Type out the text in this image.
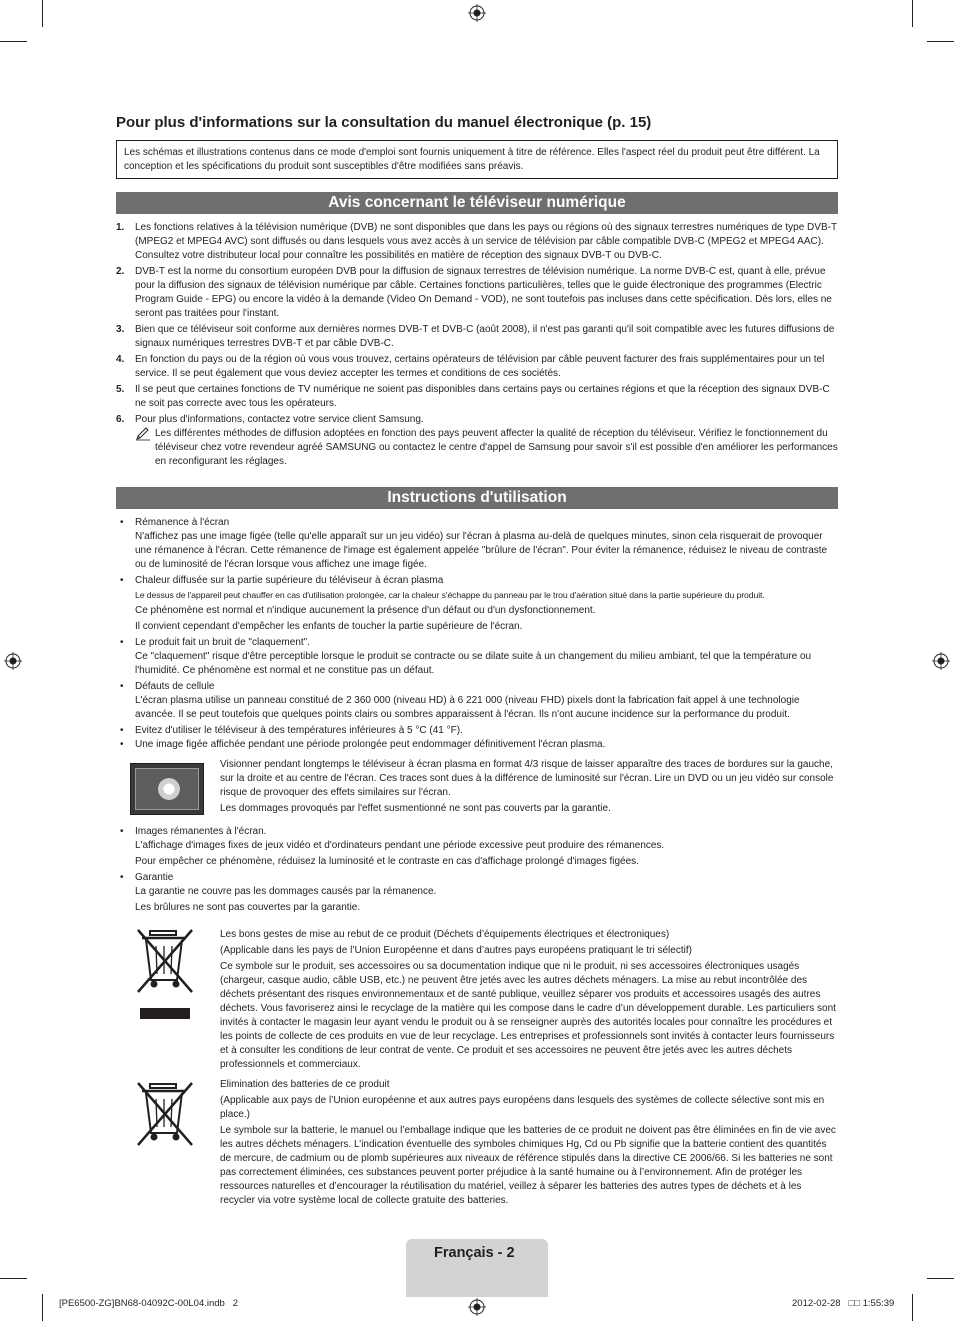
Pour plus d'informations sur la consultation du manuel électronique (p. 15)
Les schémas et illustrations contenus dans ce mode d'emploi sont fournis uniquement à titre de référence. Elles l'aspect réel du produit peut être différent. La conception et les spécifications du produit sont susceptibles d'être modifiées sans préavis.
Avis concernant le téléviseur numérique
1. Les fonctions relatives à la télévision numérique (DVB) ne sont disponibles que dans les pays ou régions où des signaux terrestres numériques de type DVB-T (MPEG2 et MPEG4 AVC) sont diffusés ou dans lesquels vous avez accès à un service de télévision par câble compatible DVB-C (MPEG2 et MPEG4 AAC). Consultez votre distributeur local pour connaître les possibilités en matière de réception des signaux DVB-T ou DVB-C.
2. DVB-T est la norme du consortium européen DVB pour la diffusion de signaux terrestres de télévision numérique. La norme DVB-C est, quant à elle, prévue pour la diffusion des signaux de télévision numérique par câble. Certaines fonctions particulières, telles que le guide électronique des programmes (Electric Program Guide - EPG) ou encore la vidéo à la demande (Video On Demand - VOD), ne sont toutefois pas incluses dans cette spécification. Dès lors, elles ne seront pas traitées pour l'instant.
3. Bien que ce téléviseur soit conforme aux dernières normes DVB-T et DVB-C (août 2008), il n'est pas garanti qu'il soit compatible avec les futures diffusions de signaux numériques terrestres DVB-T et par câble DVB-C.
4. En fonction du pays ou de la région où vous vous trouvez, certains opérateurs de télévision par câble peuvent facturer des frais supplémentaires pour un tel service. Il se peut également que vous deviez accepter les termes et conditions de ces sociétés.
5. Il se peut que certaines fonctions de TV numérique ne soient pas disponibles dans certains pays ou certaines régions et que la réception des signaux DVB-C ne soit pas correcte avec tous les opérateurs.
6. Pour plus d'informations, contactez votre service client Samsung.
Les différentes méthodes de diffusion adoptées en fonction des pays peuvent affecter la qualité de réception du téléviseur. Vérifiez le fonctionnement du téléviseur chez votre revendeur agréé SAMSUNG ou contactez le centre d'appel de Samsung pour savoir s'il est possible d'en améliorer les performances en reconfigurant les réglages.
Instructions d'utilisation
• Rémanence à l'écran
N'affichez pas une image figée (telle qu'elle apparaît sur un jeu vidéo) sur l'écran à plasma au-delà de quelques minutes, sinon cela risquerait de provoquer une rémanence à l'écran. Cette rémanence de l'image est également appelée "brûlure de l'écran". Pour éviter la rémanence, réduisez le niveau de contraste ou de luminosité de l'écran lorsque vous affichez une image figée.
• Chaleur diffusée sur la partie supérieure du téléviseur à écran plasma
Le dessus de l'appareil peut chauffer en cas d'utilisation prolongée, car la chaleur s'échappe du panneau par le trou d'aération situé dans la partie supérieure du produit.
Ce phénomène est normal et n'indique aucunement la présence d'un défaut ou d'un dysfonctionnement.
Il convient cependant d'empêcher les enfants de toucher la partie supérieure de l'écran.
• Le produit fait un bruit de "claquement".
Ce "claquement" risque d'être perceptible lorsque le produit se contracte ou se dilate suite à un changement du milieu ambiant, tel que la température ou l'humidité. Ce phénomène est normal et ne constitue pas un défaut.
• Défauts de cellule
L'écran plasma utilise un panneau constitué de 2 360 000 (niveau HD) à 6 221 000 (niveau FHD) pixels dont la fabrication fait appel à une technologie avancée. Il se peut toutefois que quelques points clairs ou sombres apparaissent à l'écran. Ils n'ont aucune incidence sur la performance du produit.
• Evitez d'utiliser le téléviseur à des températures inférieures à 5 °C (41 °F).
• Une image figée affichée pendant une période prolongée peut endommager définitivement l'écran plasma.
Visionner pendant longtemps le téléviseur à écran plasma en format 4/3 risque de laisser apparaître des traces de bordures sur la gauche, sur la droite et au centre de l'écran. Ces traces sont dues à la différence de luminosité sur l'écran. Lire un DVD ou un jeu vidéo sur console risque de provoquer des effets similaires sur l'écran.
Les dommages provoqués par l'effet susmentionné ne sont pas couverts par la garantie.
• Images rémanentes à l'écran.
L'affichage d'images fixes de jeux vidéo et d'ordinateurs pendant une période excessive peut produire des rémanences.
Pour empêcher ce phénomène, réduisez la luminosité et le contraste en cas d'affichage prolongé d'images figées.
• Garantie
La garantie ne couvre pas les dommages causés par la rémanence.
Les brûlures ne sont pas couvertes par la garantie.
Les bons gestes de mise au rebut de ce produit (Déchets d’équipements électriques et électroniques)
(Applicable dans les pays de l’Union Européenne et dans d’autres pays européens pratiquant le tri sélectif)
Ce symbole sur le produit, ses accessoires ou sa documentation indique que ni le produit, ni ses accessoires électroniques usagés (chargeur, casque audio, câble USB, etc.) ne peuvent être jetés avec les autres déchets ménagers. La mise au rebut incontrôlée des déchets présentant des risques environnementaux et de santé publique, veuillez séparer vos produits et accessoires usagés des autres déchets. Vous favoriserez ainsi le recyclage de la matière qui les compose dans le cadre d’un développement durable. Les particuliers sont invités à contacter le magasin leur ayant vendu le produit ou à se renseigner auprès des autorités locales pour connaître les procédures et les points de collecte de ces produits en vue de leur recyclage. Les entreprises et professionnels sont invités à contacter leurs fournisseurs et à consulter les conditions de leur contrat de vente. Ce produit et ses accessoires ne peuvent être jetés avec les autres déchets professionnels et commerciaux.
Elimination des batteries de ce produit
(Applicable aux pays de l’Union européenne et aux autres pays européens dans lesquels des systèmes de collecte sélective sont mis en place.)
Le symbole sur la batterie, le manuel ou l’emballage indique que les batteries de ce produit ne doivent pas être éliminées en fin de vie avec les autres déchets ménagers. L’indication éventuelle des symboles chimiques Hg, Cd ou Pb signifie que la batterie contient des quantités de mercure, de cadmium ou de plomb supérieures aux niveaux de référence stipulés dans la directive CE 2006/66. Si les batteries ne sont pas correctement éliminées, ces substances peuvent porter préjudice à la santé humaine ou à l’environnement. Afin de protéger les ressources naturelles et d’encourager la réutilisation du matériel, veillez à séparer les batteries des autres types de déchets et à les recycler via votre système local de collecte gratuite des batteries.
Français - 2
[PE6500-ZG]BN68-04092C-00L04.indb   2	2012-02-28   □□ 1:55:39
